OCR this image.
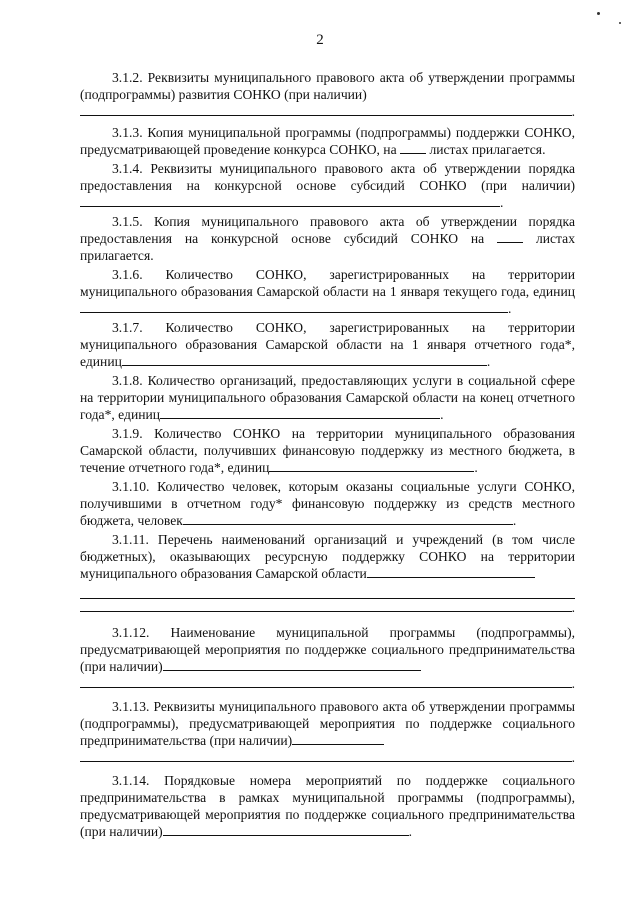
2

3.1.2. Реквизиты муниципального правового акта об утверждении программы (подпрограммы) развития СОНКО (при наличии)

.

3.1.3. Копия муниципальной программы (подпрограммы) поддержки СОНКО, предусматривающей проведение конкурса СОНКО, на листах прилагается.

3.1.4. Реквизиты муниципального правового акта об утверждении порядка предоставления на конкурсной основе субсидий СОНКО (при наличии).

3.1.5. Копия муниципального правового акта об утверждении порядка предоставления на конкурсной основе субсидий СОНКО на	листах прилагается.

3.1.6. Количество СОНКО, зарегистрированных на территории муниципального образования Самарской области на 1 января текущего года, единиц.

3.1.7. Количество СОНКО, зарегистрированных на территории муниципального образования Самарской области на 1 января отчетного года*, единиц	.

3.1.8. Количество организаций, предоставляющих услуги в социальной сфере на территории муниципального образования Самарской области на конец отчетного года*, единиц	.

3.1.9. Количество СОНКО на территории муниципального образования Самарской области, получивших финансовую поддержку из местного бюджета, в течение отчетного года*, единиц	.

3.1.10. Количество человек, которым оказаны социальные услуги СОНКО, получившими в отчетном году* финансовую поддержку из средств местного бюджета, человек	.

3.1.11. Перечень наименований организаций и учреждений (в том числе бюджетных), оказывающих ресурсную поддержку СОНКО на территории муниципального образования Самарской области

.

3.1.12. Наименование муниципальной программы (подпрограммы), предусматривающей мероприятия по поддержке социального предпринимательства (при наличии)

.

3.1.13. Реквизиты муниципального правового акта об утверждении программы (подпрограммы), предусматривающей мероприятия по поддержке социального предпринимательства (при наличии)

.

3.1.14. Порядковые номера мероприятий по поддержке социального предпринимательства в рамках муниципальной программы (подпрограммы), предусматривающей мероприятия по поддержке социального предпринимательства (при наличии)	.
